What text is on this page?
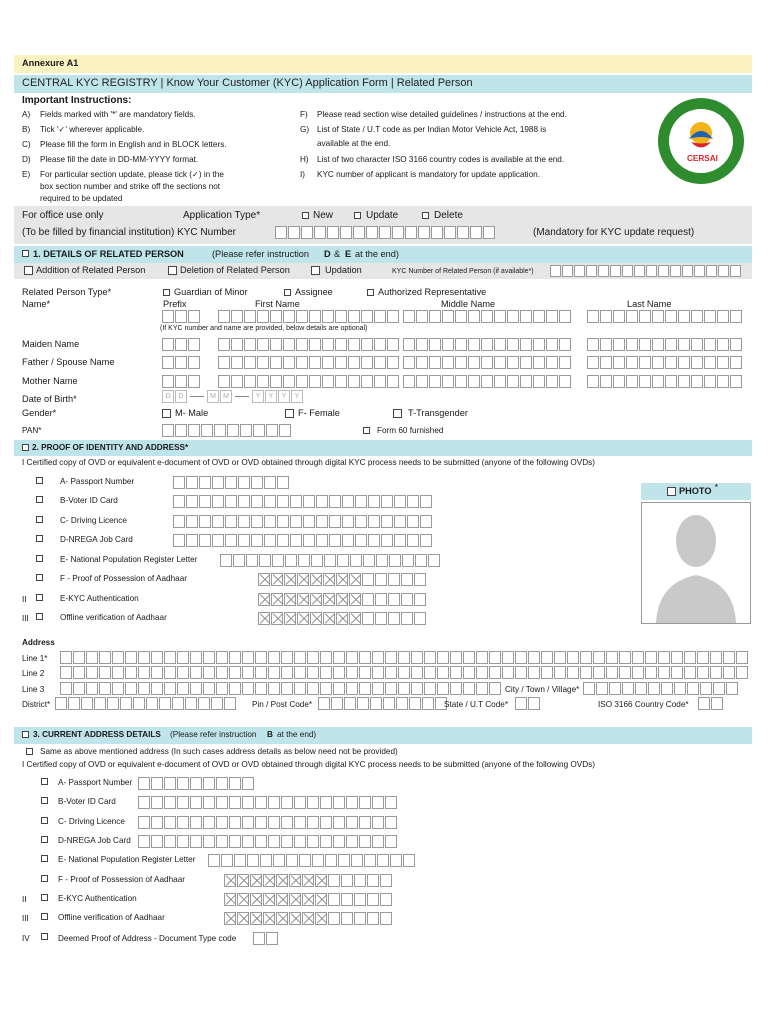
Annexure A1
CENTRAL KYC REGISTRY | Know Your Customer (KYC) Application Form | Related Person
Important Instructions:
A) Fields marked with '*' are mandatory fields.
B) Tick '✓' wherever applicable.
C) Please fill the form in English and in BLOCK letters.
D) Please fill the date in DD-MM-YYYY format.
E) For particular section update, please tick (✓) in the
box section number and strike off the sections not
required to be updated
F) Please read section wise detailed guidelines / instructions at the end.
G) List of State / U.T code as per Indian Motor Vehicle Act, 1988 is
available at the end.
H) List of two character ISO 3166 country codes is available at the end.
I) KYC number of applicant is mandatory for update application.
CERSAI
For office use only	Application Type*	New	Update	Delete
(To be filled by financial institution) KYC Number	(Mandatory for KYC update request)
1. DETAILS OF RELATED PERSON	(Please refer instruction D & E at the end)
Addition of Related Person	Deletion of Related Person	Updation	KYC Number of Related Person (if available*)
Related Person Type*	Guardian of Minor	Assignee	Authorized Representative
Name*	Prefix	First Name	Middle Name	Last Name
(If KYC number and name are provided, below details are optional)
Maiden Name
Father / Spouse Name
Mother Name
Date of Birth*	D	D	M	M	Y	Y	Y	Y
Gender*	M- Male	F- Female	T-Transgender
PAN*	Form 60 furnished
2. PROOF OF IDENTITY AND ADDRESS*
I Certified copy of OVD or equivalent e-document of OVD or OVD obtained through digital KYC process needs to be submitted (anyone of the following OVDs)
A- Passport Number
B-Voter ID Card
C- Driving Licence
D-NREGA Job Card
E- National Population Register Letter
F - Proof of Possession of Aadhaar
II	E-KYC Authentication
III	Offline verification of Aadhaar
PHOTO *
Address
Line 1*
Line 2
Line 3	City / Town / Village*
District*	Pin / Post Code*	State / U.T Code*	ISO 3166 Country Code*
3. CURRENT ADDRESS DETAILS (Please refer instruction B at the end)
Same as above mentioned address (In such cases address details as below need not be provided)
I Certified copy of OVD or equivalent e-document of OVD or OVD obtained through digital KYC process needs to be submitted (anyone of the following OVDs)
A- Passport Number
B-Voter ID Card
C- Driving Licence
D-NREGA Job Card
E- National Population Register Letter
F - Proof of Possession of Aadhaar
II	E-KYC Authentication
III	Offline verification of Aadhaar
IV	Deemed Proof of Address - Document Type code
